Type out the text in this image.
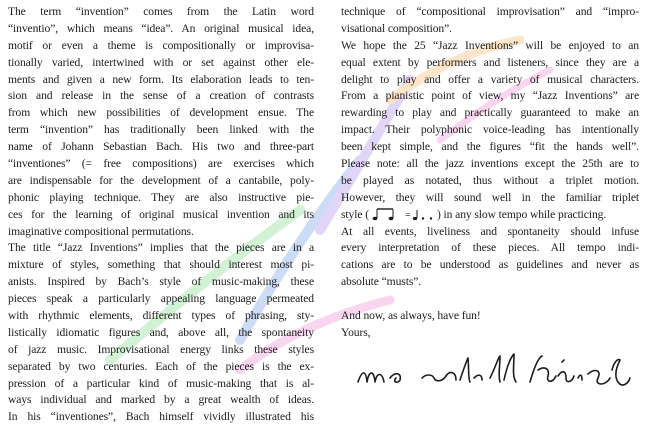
The term “invention” comes from the Latin word
“inventio”, which means “idea”. An original musical idea,
motif or even a theme is compositionally or improvisa-
tionally varied, intertwined with or set against other ele-
ments and given a new form. Its elaboration leads to ten-
sion and release in the sense of a creation of contrasts
from which new possibilities of development ensue. The
term “invention” has traditionally been linked with the
name of Johann Sebastian Bach. His two and three-part
“inventiones” (= free compositions) are exercises which
are indispensable for the development of a cantabile, poly-
phonic playing technique. They are also instructive pie-
ces for the learning of original musical invention and its
imaginative compositional permutations.
The title “Jazz Inventions” implies that the pieces are in a
mixture of styles, something that should interest most pi-
anists. Inspired by Bach’s style of music-making, these
pieces speak a particularly appealing language permeated
with rhythmic elements, different types of phrasing, sty-
listically idiomatic figures and, above all, the spontaneity
of jazz music. Improvisational energy links these styles
separated by two centuries. Each of the pieces is the ex-
pression of a particular kind of music-making that is al-
ways individual and marked by a great wealth of ideas.
In his “inventiones”, Bach himself vividly illustrated his
technique of “compositional improvisation” and “impro-
visational composition”.
We hope the 25 “Jazz Inventions” will be enjoyed to an
equal extent by performers and listeners, since they are a
delight to play and offer a variety of musical characters.
From a pianistic point of view, my “Jazz Inventions” are
rewarding to play and practically guaranteed to make an
impact. Their polyphonic voice-leading has intentionally
been kept simple, and the figures “fit the hands well”.
Please note: all the jazz inventions except the 25th are to
be played as notated, thus without a triplet motion.
However, they will sound well in the familiar triplet
style (	= ) in any slow tempo while practicing.
At all events, liveliness and spontaneity should infuse
every interpretation of these pieces. All tempo indi-
cations are to be understood as guidelines and never as
absolute “musts”.
And now, as always, have fun!
Yours,
